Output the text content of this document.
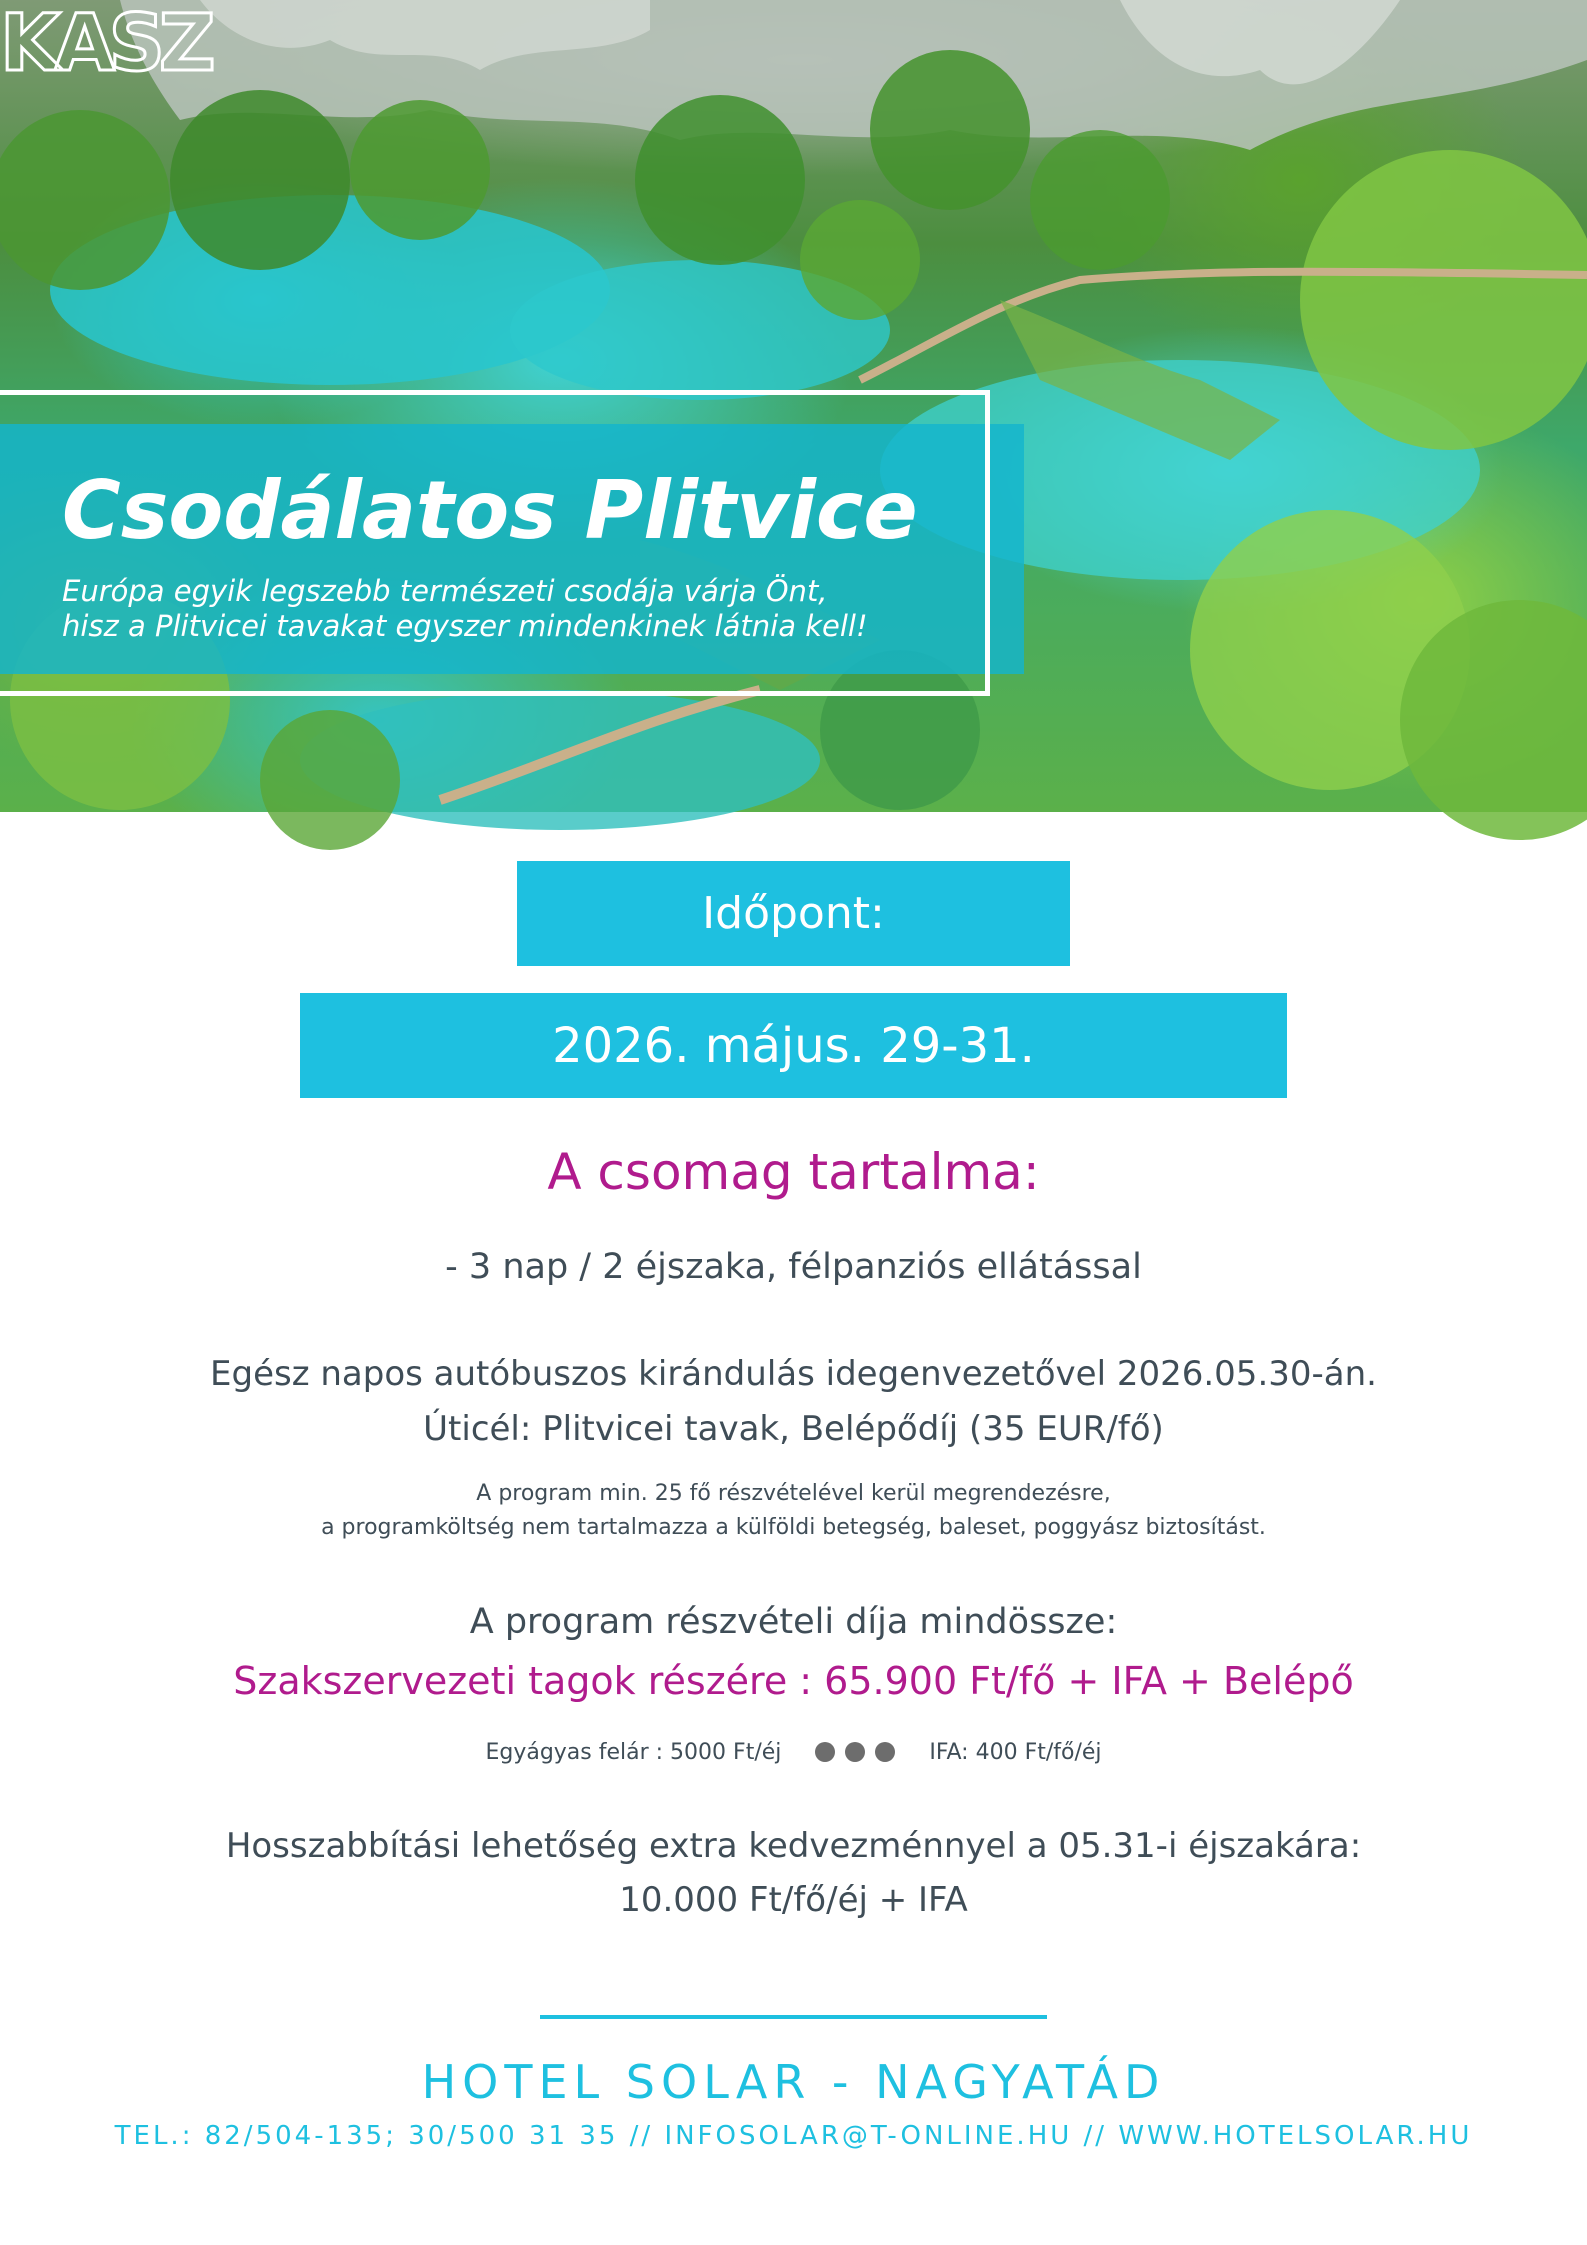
Csodálatos Plitvice
Európa egyik legszebb természeti csodája várja Önt,
hisz a Plitvicei tavakat egyszer mindenkinek látnia kell!
KASZ
Időpont:
2026. május. 29-31.
A csomag tartalma:
- 3 nap / 2 éjszaka, félpanziós ellátással
Egész napos autóbuszos kirándulás idegenvezetővel 2026.05.30-án.
Úticél: Plitvicei tavak, Belépődíj (35 EUR/fő)
A program min. 25 fő részvételével kerül megrendezésre,
a programköltség nem tartalmazza a külföldi betegség, baleset, poggyász biztosítást.
A program részvételi díja mindössze:
Szakszervezeti tagok részére : 65.900 Ft/fő + IFA + Belépő
Egyágyas felár : 5000 Ft/éj	IFA: 400 Ft/fő/éj
Hosszabbítási lehetőség extra kedvezménnyel a 05.31-i éjszakára:
10.000 Ft/fő/éj + IFA
HOTEL SOLAR - NAGYATÁD
TEL.: 82/504-135; 30/500 31 35 // INFOSOLAR@T-ONLINE.HU // WWW.HOTELSOLAR.HU
